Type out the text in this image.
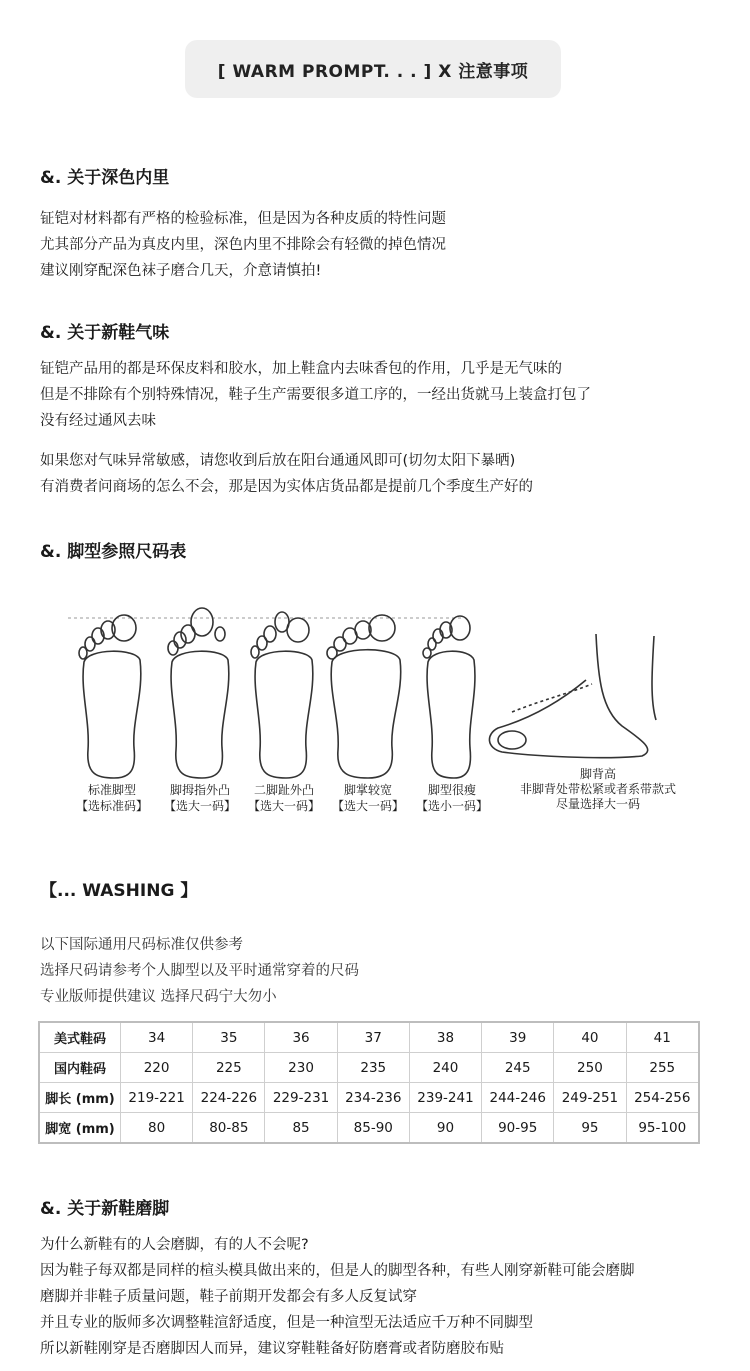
[ WARM PROMPT. . . ] X 注意事项
&. 关于深色内里
钲铠对材料都有严格的检验标准，但是因为各种皮质的特性问题
尤其部分产品为真皮内里，深色内里不排除会有轻微的掉色情况
建议刚穿配深色袜子磨合几天，介意请慎拍!
&. 关于新鞋气味
钲铠产品用的都是环保皮料和胶水，加上鞋盒内去味香包的作用，几乎是无气味的
但是不排除有个别特殊情况，鞋子生产需要很多道工序的，一经出货就马上装盒打包了
没有经过通风去味
如果您对气味异常敏感，请您收到后放在阳台通通风即可(切勿太阳下暴晒)
有消费者问商场的怎么不会，那是因为实体店货品都是提前几个季度生产好的
&. 脚型参照尺码表
标准脚型
【选标准码】
脚拇指外凸
【选大一码】
二脚趾外凸
【选大一码】
脚掌较宽
【选大一码】
脚型很瘦
【选小一码】
脚背高
非脚背处带松紧或者系带款式
尽量选择大一码
【... WASHING 】
以下国际通用尺码标准仅供参考
选择尺码请参考个人脚型以及平时通常穿着的尺码
专业版师提供建议 选择尺码宁大勿小
美式鞋码	34	35	36	37	38	39	40	41
国内鞋码	220	225	230	235	240	245	250	255
脚长 (mm)	219-221	224-226	229-231	234-236	239-241	244-246	249-251	254-256
脚宽 (mm)	80	80-85	85	85-90	90	90-95	95	95-100
&. 关于新鞋磨脚
为什么新鞋有的人会磨脚，有的人不会呢?
因为鞋子每双都是同样的楦头模具做出来的，但是人的脚型各种，有些人刚穿新鞋可能会磨脚
磨脚并非鞋子质量问题，鞋子前期开发都会有多人反复试穿
并且专业的版师多次调整鞋渲舒适度，但是一种渲型无法适应千万种不同脚型
所以新鞋刚穿是否磨脚因人而异，建议穿鞋鞋备好防磨膏或者防磨胶布贴
